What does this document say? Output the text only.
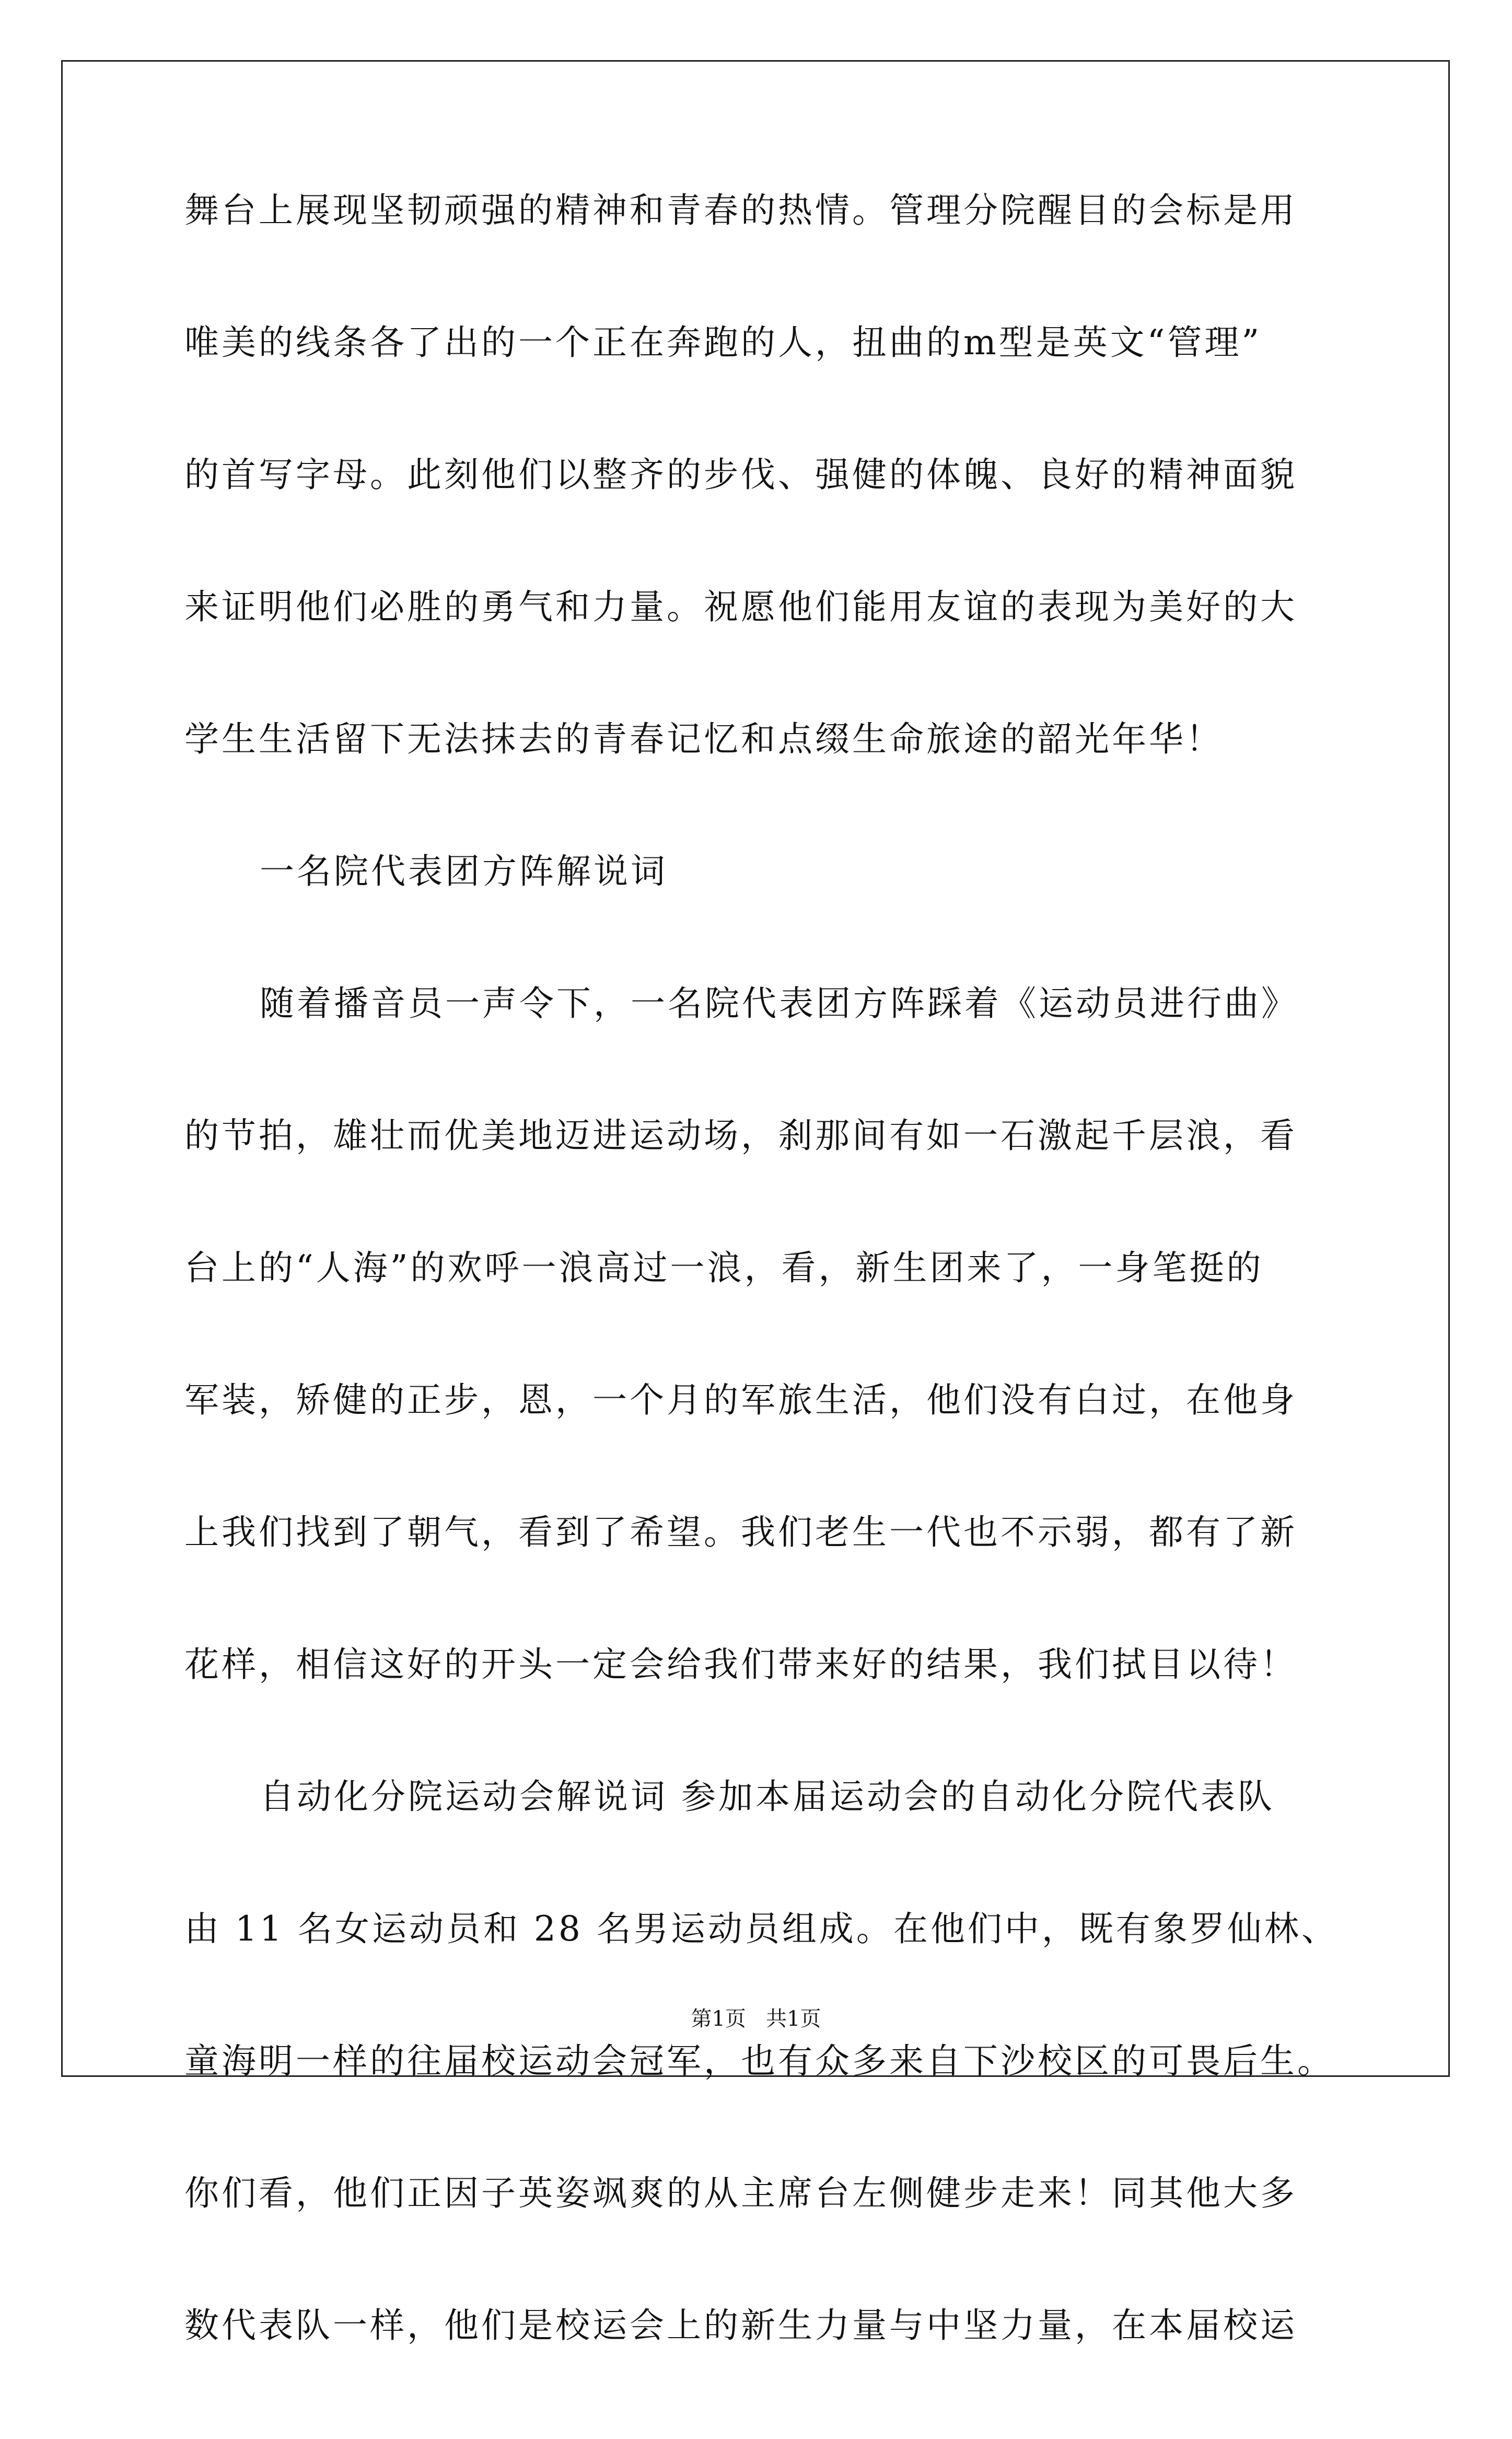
舞台上展现坚韧顽强的精神和青春的热情。管理分院醒目的会标是用
唯美的线条各了出的一个正在奔跑的人，扭曲的m型是英文“管理”
的首写字母。此刻他们以整齐的步伐、强健的体魄、良好的精神面貌
来证明他们必胜的勇气和力量。祝愿他们能用友谊的表现为美好的大
学生生活留下无法抹去的青春记忆和点缀生命旅途的韶光年华！
一名院代表团方阵解说词
随着播音员一声令下，一名院代表团方阵踩着《运动员进行曲》
的节拍，雄壮而优美地迈进运动场，刹那间有如一石激起千层浪，看
台上的“人海”的欢呼一浪高过一浪，看，新生团来了，一身笔挺的
军装，矫健的正步，恩，一个月的军旅生活，他们没有白过，在他身
上我们找到了朝气，看到了希望。我们老生一代也不示弱，都有了新
花样，相信这好的开头一定会给我们带来好的结果，我们拭目以待！
自动化分院运动会解说词 参加本届运动会的自动化分院代表队
由 11 名女运动员和 28 名男运动员组成。在他们中，既有象罗仙林、
童海明一样的往届校运动会冠军，也有众多来自下沙校区的可畏后生。
你们看，他们正因子英姿飒爽的从主席台左侧健步走来！同其他大多
数代表队一样，他们是校运会上的新生力量与中坚力量，在本届校运
第1页   共1页
